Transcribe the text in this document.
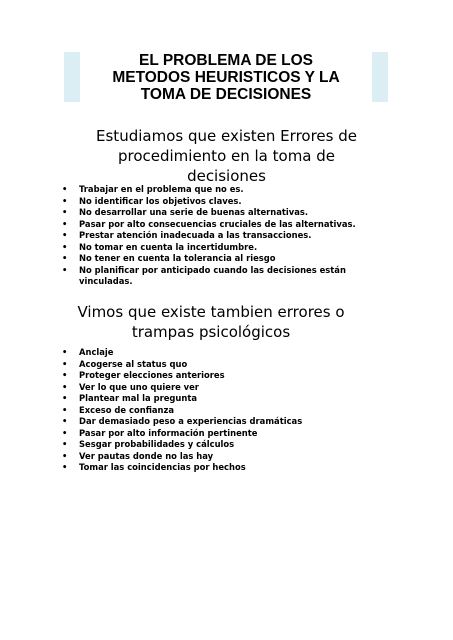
EL PROBLEMA DE LOS
METODOS HEURISTICOS Y LA
TOMA DE DECISIONES
Estudiamos que existen Errores de
procedimiento en la toma de
decisiones
• Trabajar en el problema que no es.
• No identificar los objetivos claves.
• No desarrollar una serie de buenas alternativas.
• Pasar por alto consecuencias cruciales de las alternativas.
• Prestar atención inadecuada a las transacciones.
• No tomar en cuenta la incertidumbre.
• No tener en cuenta la tolerancia al riesgo
• No planificar por anticipado cuando las decisiones están
vinculadas.
Vimos que existe tambien errores o
trampas psicológicos
• Anclaje
• Acogerse al status quo
• Proteger elecciones anteriores
• Ver lo que uno quiere ver
• Plantear mal la pregunta
• Exceso de confianza
• Dar demasiado peso a experiencias dramáticas
• Pasar por alto información pertinente
• Sesgar probabilidades y cálculos
• Ver pautas donde no las hay
• Tomar las coincidencias por hechos
